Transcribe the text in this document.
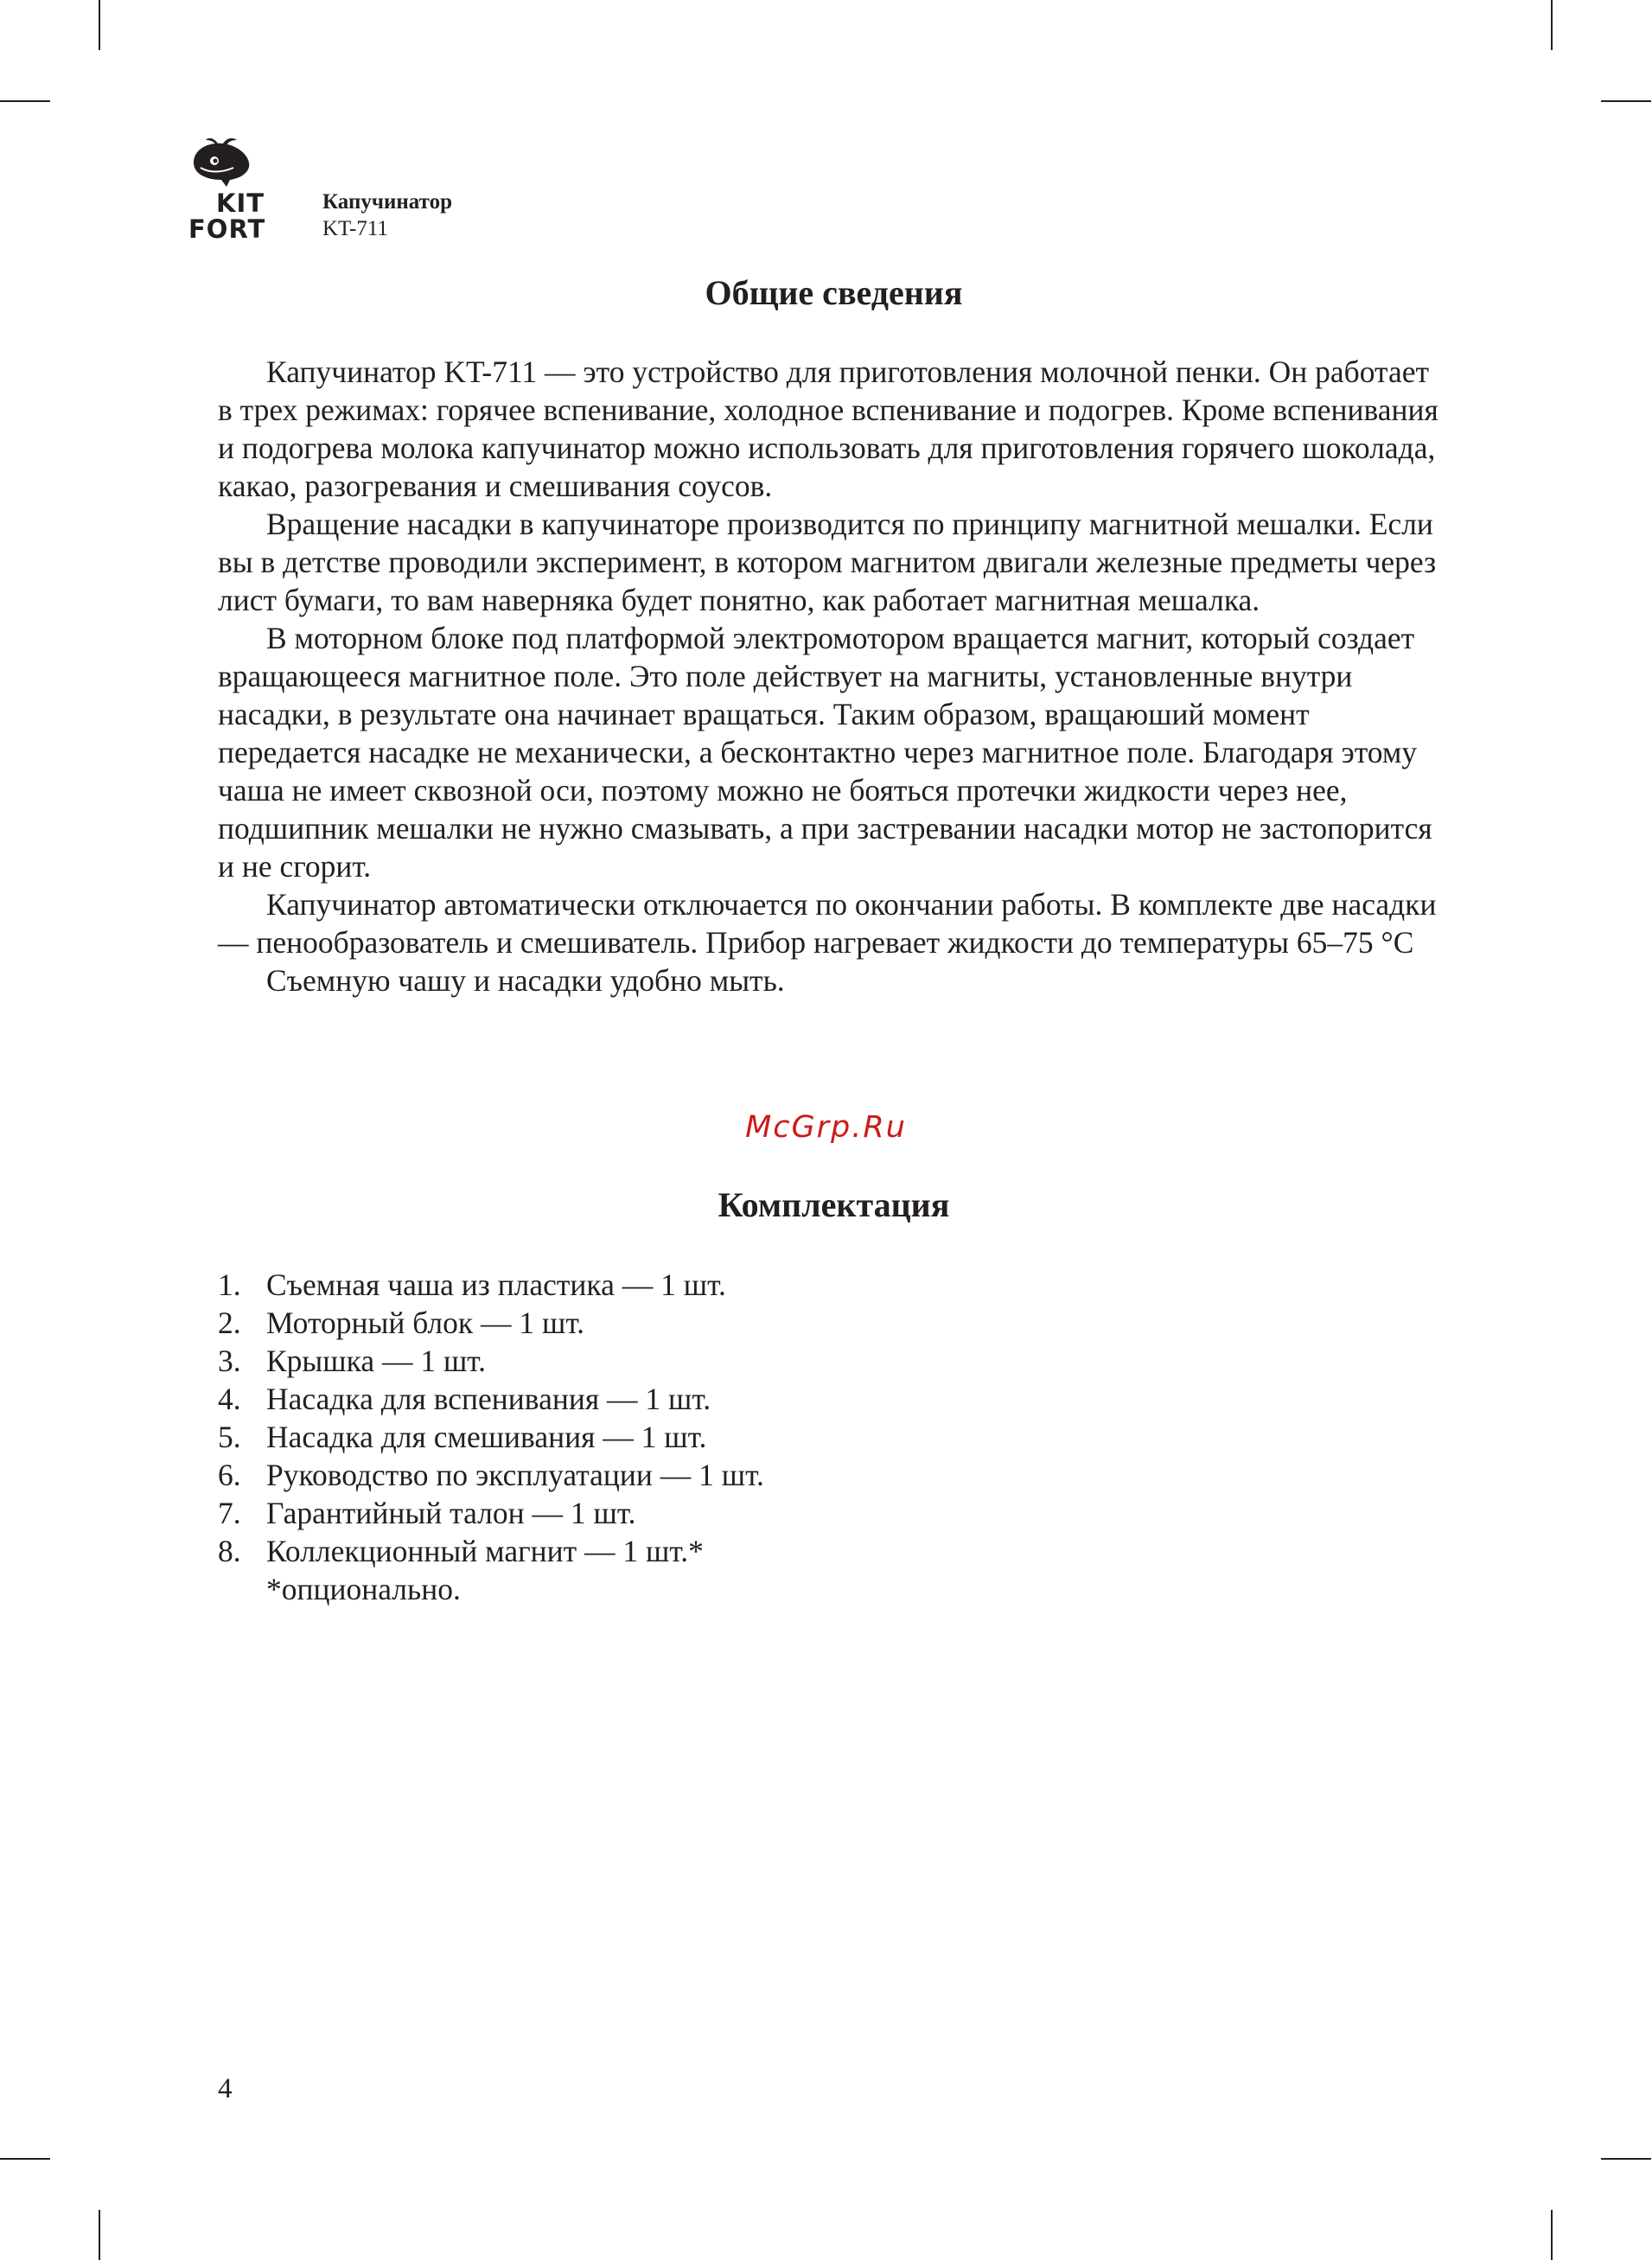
KIT
FORT
Капучинатор
KT-711
Общие сведения

Капучинатор KT-711 — это устройство для приготовления молочной пенки. Он работает в трех режимах: горячее вспенивание, холодное вспенивание и подогрев. Кроме вспенивания и подогрева молока капучинатор можно использовать для приготовления горячего шоколада, какао, разогревания и смешивания соусов.

Вращение насадки в капучинаторе производится по принципу магнитной мешалки. Если вы в детстве проводили эксперимент, в котором магнитом двигали железные предметы через лист бумаги, то вам наверняка будет понятно, как работает магнитная мешалка.

В моторном блоке под платформой электромотором вращается магнит, который создает вращающееся магнитное поле. Это поле действует на магниты, установленные внутри насадки, в результате она начинает вращаться. Таким образом, вращаюший момент передается насадке не механически, а бесконтактно через магнитное поле. Благодаря этому чаша не имеет сквозной оси, поэтому можно не бояться протечки жидкости через нее, подшипник мешалки не нужно смазывать, а при застревании насадки мотор не застопорится и не сгорит.

Капучинатор автоматически отключается по окончании работы. В комплекте две насадки — пенообразователь и смешиватель. Прибор нагревает жидкости до температуры 65–75 °С

Съемную чашу и насадки удобно мыть.

McGrp.Ru
Комплектация
1. Съемная чаша из пластика — 1 шт.
2. Моторный блок — 1 шт.
3. Крышка — 1 шт.
4. Насадка для вспенивания — 1 шт.
5. Насадка для смешивания — 1 шт.
6. Руководство по эксплуатации — 1 шт.
7. Гарантийный талон — 1 шт.
8. Коллекционный магнит — 1 шт.*
*опционально.
4
